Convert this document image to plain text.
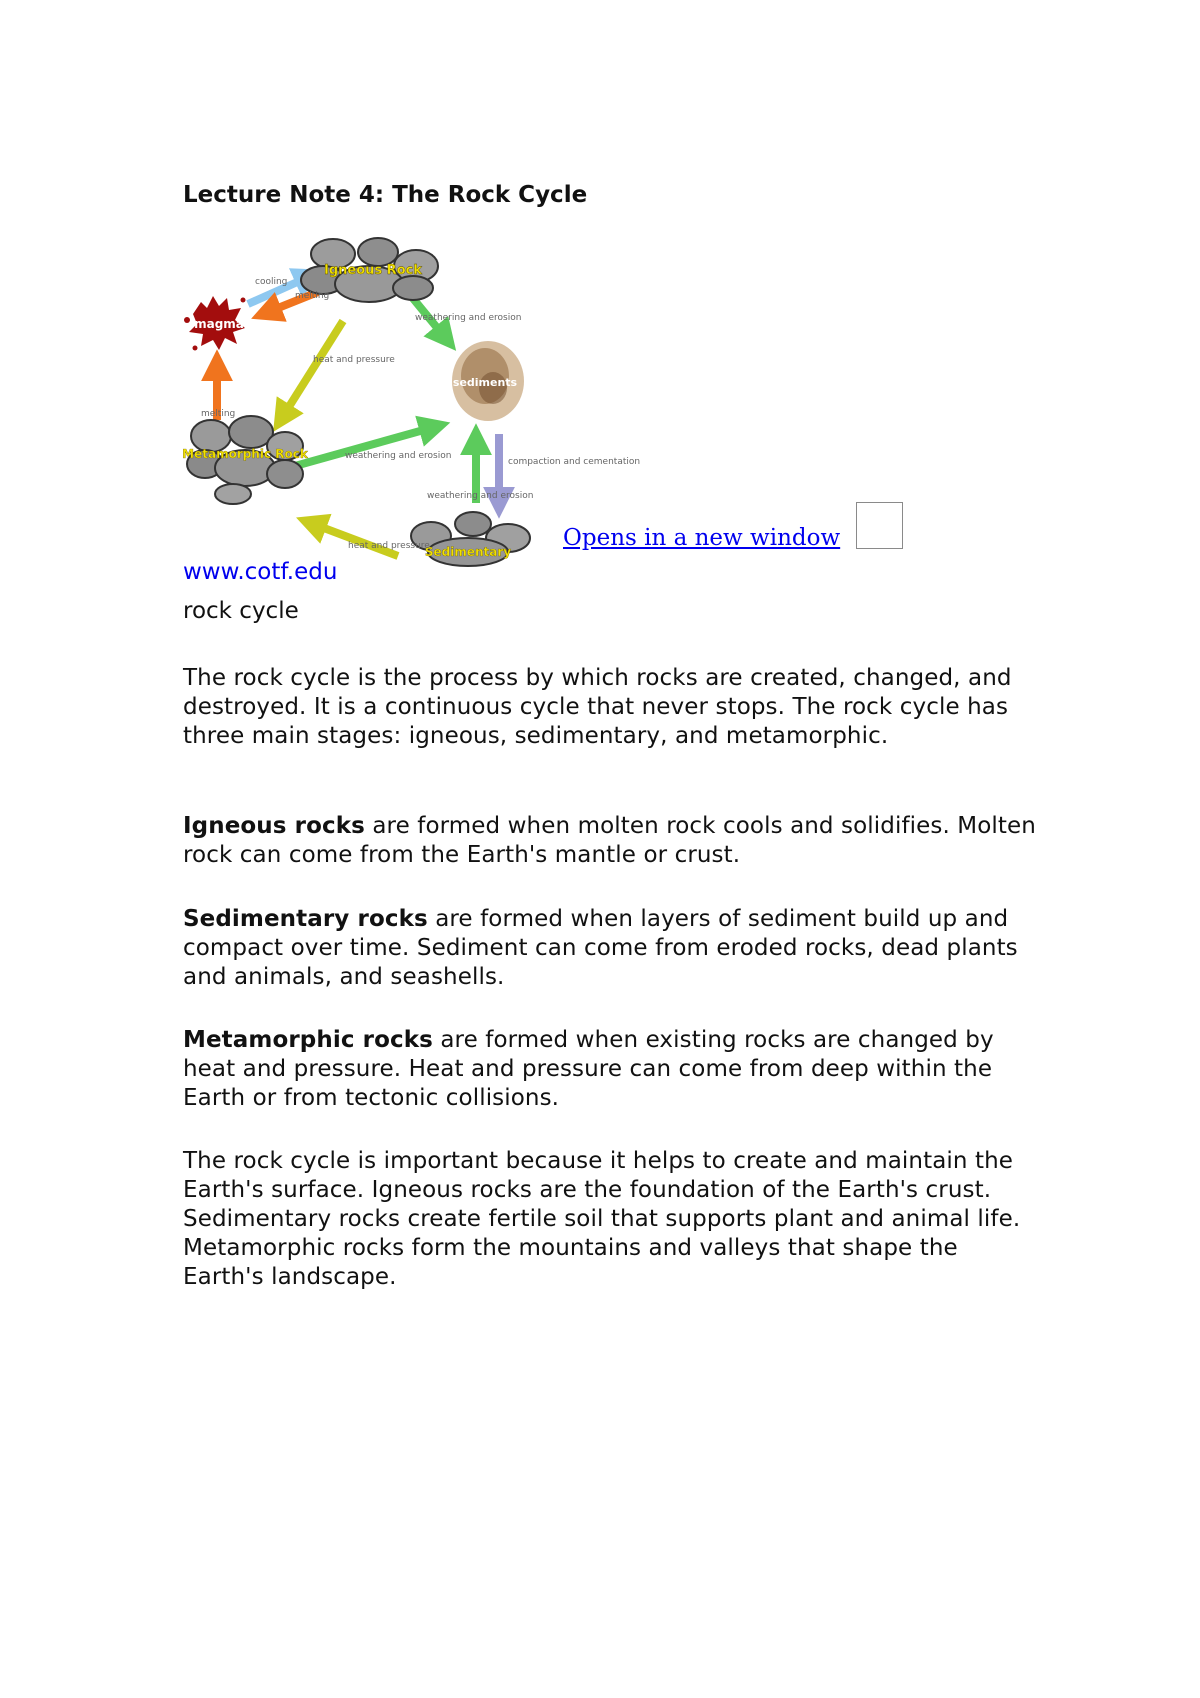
Lecture Note 4: The Rock Cycle
Igneous Rock
magma
sediments
Metamorphic Rock
Sedimentary
cooling
melting
weathering and erosion
heat and pressure
melting
weathering and erosion
compaction and cementation
weathering and erosion
heat and pressure	Opens in a new window
www.cotf.edu
rock cycle

The rock cycle is the process by which rocks are created, changed, and destroyed. It is a continuous cycle that never stops. The rock cycle has three main stages: igneous, sedimentary, and metamorphic.

Igneous rocks are formed when molten rock cools and solidifies. Molten rock can come from the Earth's mantle or crust.

Sedimentary rocks are formed when layers of sediment build up and compact over time. Sediment can come from eroded rocks, dead plants and animals, and seashells.

Metamorphic rocks are formed when existing rocks are changed by heat and pressure. Heat and pressure can come from deep within the Earth or from tectonic collisions.

The rock cycle is important because it helps to create and maintain the Earth's surface. Igneous rocks are the foundation of the Earth's crust. Sedimentary rocks create fertile soil that supports plant and animal life. Metamorphic rocks form the mountains and valleys that shape the Earth's landscape.
